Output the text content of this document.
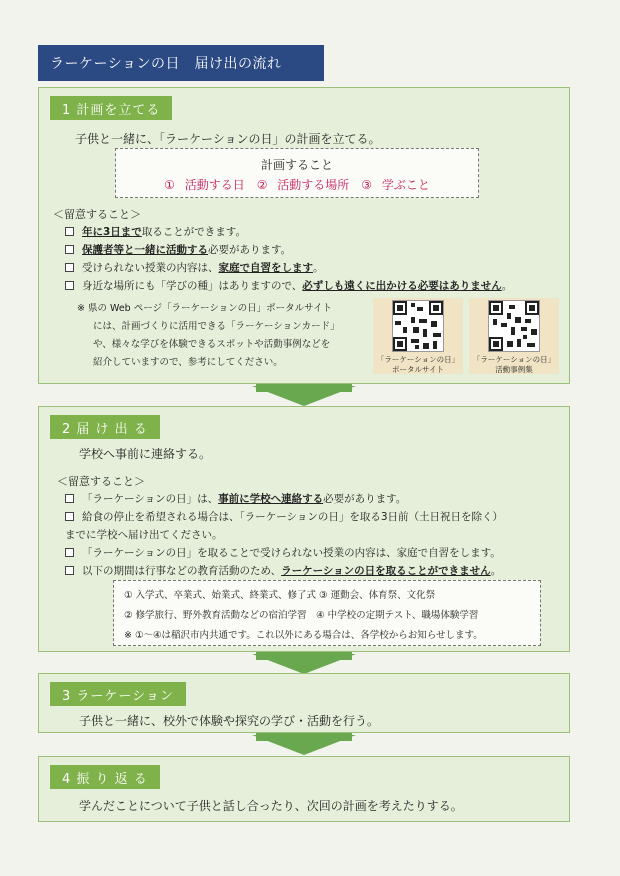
ラーケーションの日　届け出の流れ
1 計画を立てる
子供と一緒に、「ラーケーションの日」の計画を立てる。
計画すること
① 活動する日　② 活動する場所　③ 学ぶこと
＜留意すること＞
年に3日まで取ることができます。
保護者等と一緒に活動する必要があります。
受けられない授業の内容は、家庭で自習をします。
身近な場所にも「学びの種」はありますので、必ずしも遠くに出かける必要はありません。
※ 県の Web ページ「ラーケーションの日」ポータルサイト
には、計画づくりに活用できる「ラーケーションカード」
や、様々な学びを体験できるスポットや活動事例などを
紹介していますので、参考にしてください。	「ラーケーションの日」
ポータルサイト
「ラーケーションの日」
活動事例集
2 届 け 出 る
学校へ事前に連絡する。
＜留意すること＞
「ラーケーションの日」は、事前に学校へ連絡する必要があります。
給食の停止を希望される場合は、「ラーケーションの日」を取る3日前（土日祝日を除く）
までに学校へ届け出てください。
「ラーケーションの日」を取ることで受けられない授業の内容は、家庭で自習をします。
以下の期間は行事などの教育活動のため、ラーケーションの日を取ることができません。
① 入学式、卒業式、始業式、終業式、修了式 ③ 運動会、体育祭、文化祭
② 修学旅行、野外教育活動などの宿泊学習　④ 中学校の定期テスト、職場体験学習
※ ①～④は稲沢市内共通です。これ以外にある場合は、各学校からお知らせします。
3 ラーケーション
子供と一緒に、校外で体験や探究の学び・活動を行う。
4 振 り 返 る
学んだことについて子供と話し合ったり、次回の計画を考えたりする。
